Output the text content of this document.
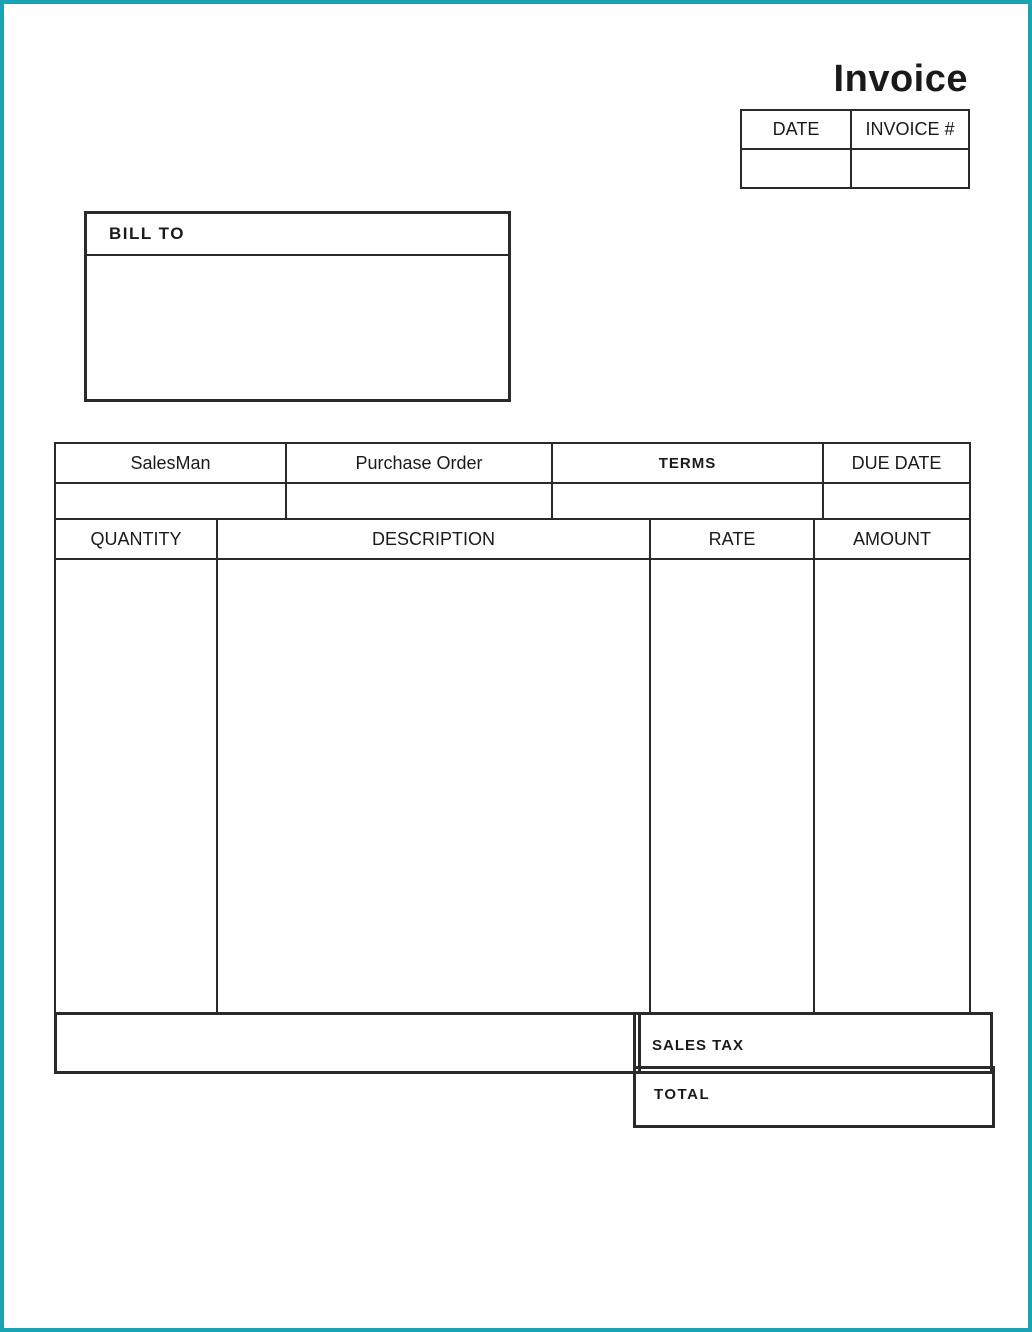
Invoice
DATE	INVOICE #

BILL TO
SalesMan	Purchase Order	TERMS	DUE DATE

QUANTITY	DESCRIPTION	RATE	AMOUNT

SALES TAX
TOTAL
